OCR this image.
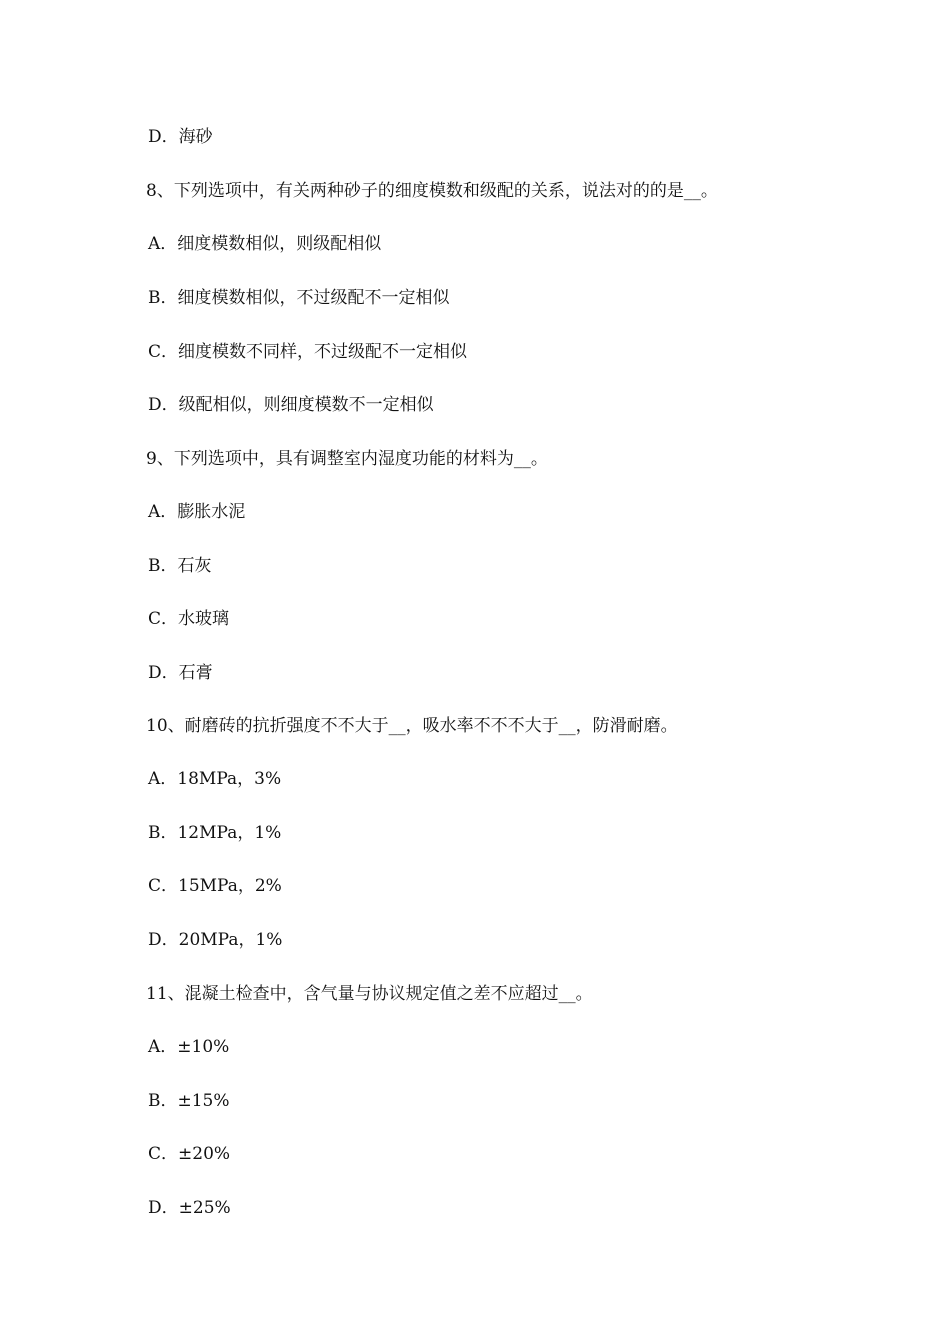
D．海砂
8、下列选项中，有关两种砂子的细度模数和级配的关系，说法对的的是__。
A．细度模数相似，则级配相似
B．细度模数相似，不过级配不一定相似
C．细度模数不同样，不过级配不一定相似
D．级配相似，则细度模数不一定相似
9、下列选项中，具有调整室内湿度功能的材料为__。
A．膨胀水泥
B．石灰
C．水玻璃
D．石膏
10、耐磨砖的抗折强度不不大于__，吸水率不不不大于__，防滑耐磨。
A．18MPa，3%
B．12MPa，1%
C．15MPa，2%
D．20MPa，1%
11、混凝土检查中，含气量与协议规定值之差不应超过__。
A．±10%
B．±15%
C．±20%
D．±25%
